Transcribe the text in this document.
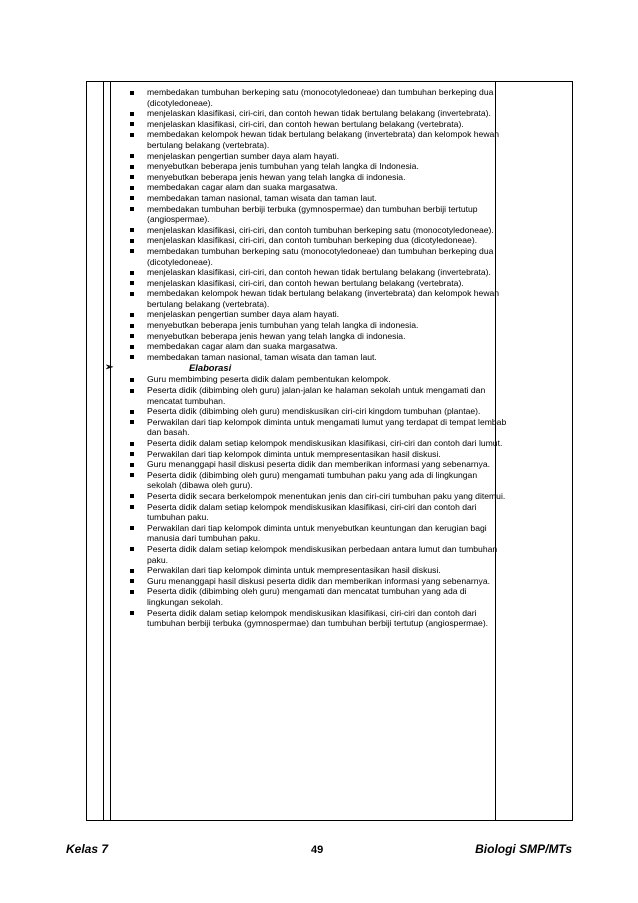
membedakan tumbuhan berkeping satu (monocotyledoneae) dan tumbuhan berkeping dua (dicotyledoneae).
menjelaskan klasifikasi, ciri-ciri, dan contoh hewan tidak bertulang belakang (invertebrata).
menjelaskan klasifikasi, ciri-ciri, dan contoh hewan bertulang belakang (vertebrata).
membedakan kelompok hewan tidak bertulang belakang (invertebrata) dan kelompok hewan bertulang belakang (vertebrata).
menjelaskan pengertian sumber daya alam hayati.
menyebutkan beberapa jenis tumbuhan yang telah langka di Indonesia.
menyebutkan beberapa jenis hewan yang telah langka di indonesia.
membedakan cagar alam dan suaka margasatwa.
membedakan taman nasional, taman wisata dan taman laut.
membedakan tumbuhan berbiji terbuka (gymnospermae) dan tumbuhan berbiji tertutup (angiospermae).
menjelaskan klasifikasi, ciri-ciri, dan contoh tumbuhan berkeping satu (monocotyledoneae).
menjelaskan klasifikasi, ciri-ciri, dan contoh tumbuhan berkeping dua (dicotyledoneae).
membedakan tumbuhan berkeping satu (monocotyledoneae) dan tumbuhan berkeping dua (dicotyledoneae).
menjelaskan klasifikasi, ciri-ciri, dan contoh hewan tidak bertulang belakang (invertebrata).
menjelaskan klasifikasi, ciri-ciri, dan contoh hewan bertulang belakang (vertebrata).
membedakan kelompok hewan tidak bertulang belakang (invertebrata) dan kelompok hewan bertulang belakang (vertebrata).
menjelaskan pengertian sumber daya alam hayati.
menyebutkan beberapa jenis tumbuhan yang telah langka di indonesia.
menyebutkan beberapa jenis hewan yang telah langka di indonesia.
membedakan cagar alam dan suaka margasatwa.
membedakan taman nasional, taman wisata dan taman laut.
➢	Elaborasi
Guru membimbing peserta didik dalam pembentukan kelompok.
Peserta didik (dibimbing oleh guru) jalan-jalan ke halaman sekolah untuk mengamati dan mencatat tumbuhan.
Peserta didik (dibimbing oleh guru) mendiskusikan ciri-ciri kingdom tumbuhan (plantae).
Perwakilan dari tiap kelompok diminta untuk mengamati lumut yang terdapat di tempat lembab dan basah.
Peserta didik dalam setiap kelompok mendiskusikan klasifikasi, ciri-ciri dan contoh dari lumut.
Perwakilan dari tiap kelompok diminta untuk mempresentasikan hasil diskusi.
Guru menanggapi hasil diskusi peserta didik dan memberikan informasi yang sebenarnya.
Peserta didik (dibimbing oleh guru) mengamati tumbuhan paku yang ada di lingkungan sekolah (dibawa oleh guru).
Peserta didik secara berkelompok menentukan jenis dan ciri-ciri tumbuhan paku yang ditemui.
Peserta didik dalam setiap kelompok mendiskusikan klasifikasi, ciri-ciri dan contoh dari tumbuhan paku.
Perwakilan dari tiap kelompok diminta untuk menyebutkan keuntungan dan kerugian bagi manusia dari tumbuhan paku.
Peserta didik dalam setiap kelompok mendiskusikan perbedaan antara lumut dan tumbuhan paku.
Perwakilan dari tiap kelompok diminta untuk mempresentasikan hasil diskusi.
Guru menanggapi hasil diskusi peserta didik dan memberikan informasi yang sebenarnya.
Peserta didik (dibimbing oleh guru) mengamati dan mencatat tumbuhan yang ada di lingkungan sekolah.
Peserta didik dalam setiap kelompok mendiskusikan klasifikasi, ciri-ciri dan contoh dari tumbuhan berbiji terbuka (gymnospermae) dan tumbuhan berbiji tertutup (angiospermae).
Kelas 7	49	Biologi SMP/MTs
